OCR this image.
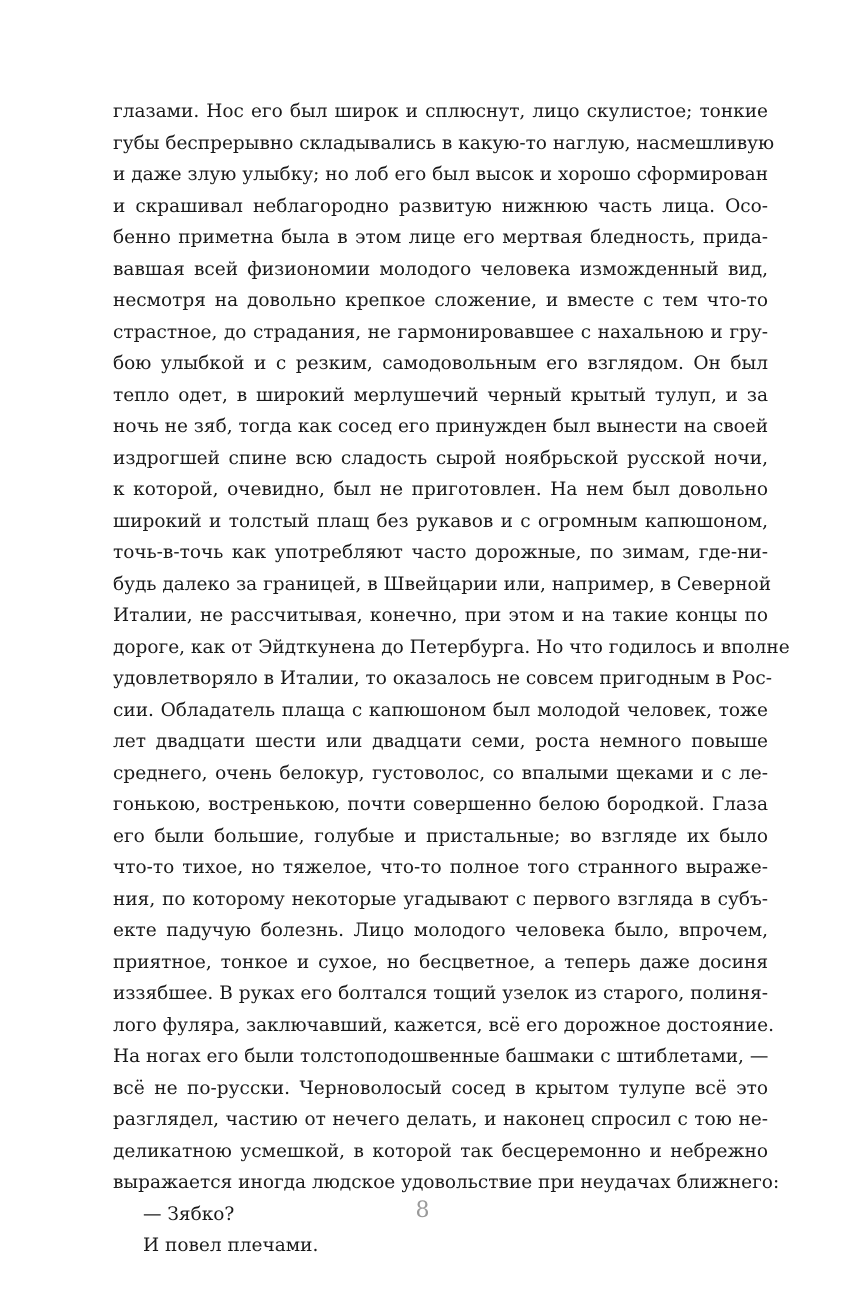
глазами. Нос его был широк и сплюснут, лицо скулистое; тонкие
губы беспрерывно складывались в какую-то наглую, насмешливую
и даже злую улыбку; но лоб его был высок и хорошо сформирован
и скрашивал неблагородно развитую нижнюю часть лица. Осо-
бенно приметна была в этом лице его мертвая бледность, прида-
вавшая всей физиономии молодого человека изможденный вид,
несмотря на довольно крепкое сложение, и вместе с тем что-то
страстное, до страдания, не гармонировавшее с нахальною и гру-
бою улыбкой и с резким, самодовольным его взглядом. Он был
тепло одет, в широкий мерлушечий черный крытый тулуп, и за
ночь не зяб, тогда как сосед его принужден был вынести на своей
издрогшей спине всю сладость сырой ноябрьской русской ночи,
к которой, очевидно, был не приготовлен. На нем был довольно
широкий и толстый плащ без рукавов и с огромным капюшоном,
точь-в-точь как употребляют часто дорожные, по зимам, где-ни-
будь далеко за границей, в Швейцарии или, например, в Северной
Италии, не рассчитывая, конечно, при этом и на такие концы по
дороге, как от Эйдткунена до Петербурга. Но что годилось и вполне
удовлетворяло в Италии, то оказалось не совсем пригодным в Рос-
сии. Обладатель плаща с капюшоном был молодой человек, тоже
лет двадцати шести или двадцати семи, роста немного повыше
среднего, очень белокур, густоволос, со впалыми щеками и с ле-
гонькою, востренькою, почти совершенно белою бородкой. Глаза
его были большие, голубые и пристальные; во взгляде их было
что-то тихое, но тяжелое, что-то полное того странного выраже-
ния, по которому некоторые угадывают с первого взгляда в субъ-
екте падучую болезнь. Лицо молодого человека было, впрочем,
приятное, тонкое и сухое, но бесцветное, а теперь даже досиня
иззябшее. В руках его болтался тощий узелок из старого, полиня-
лого фуляра, заключавший, кажется, всё его дорожное достояние.
На ногах его были толстоподошвенные башмаки с штиблетами, —
всё не по-русски. Черноволосый сосед в крытом тулупе всё это
разглядел, частию от нечего делать, и наконец спросил с тою не-
деликатною усмешкой, в которой так бесцеремонно и небрежно
выражается иногда людское удовольствие при неудачах ближнего:
— Зябко?
И повел плечами.
8
